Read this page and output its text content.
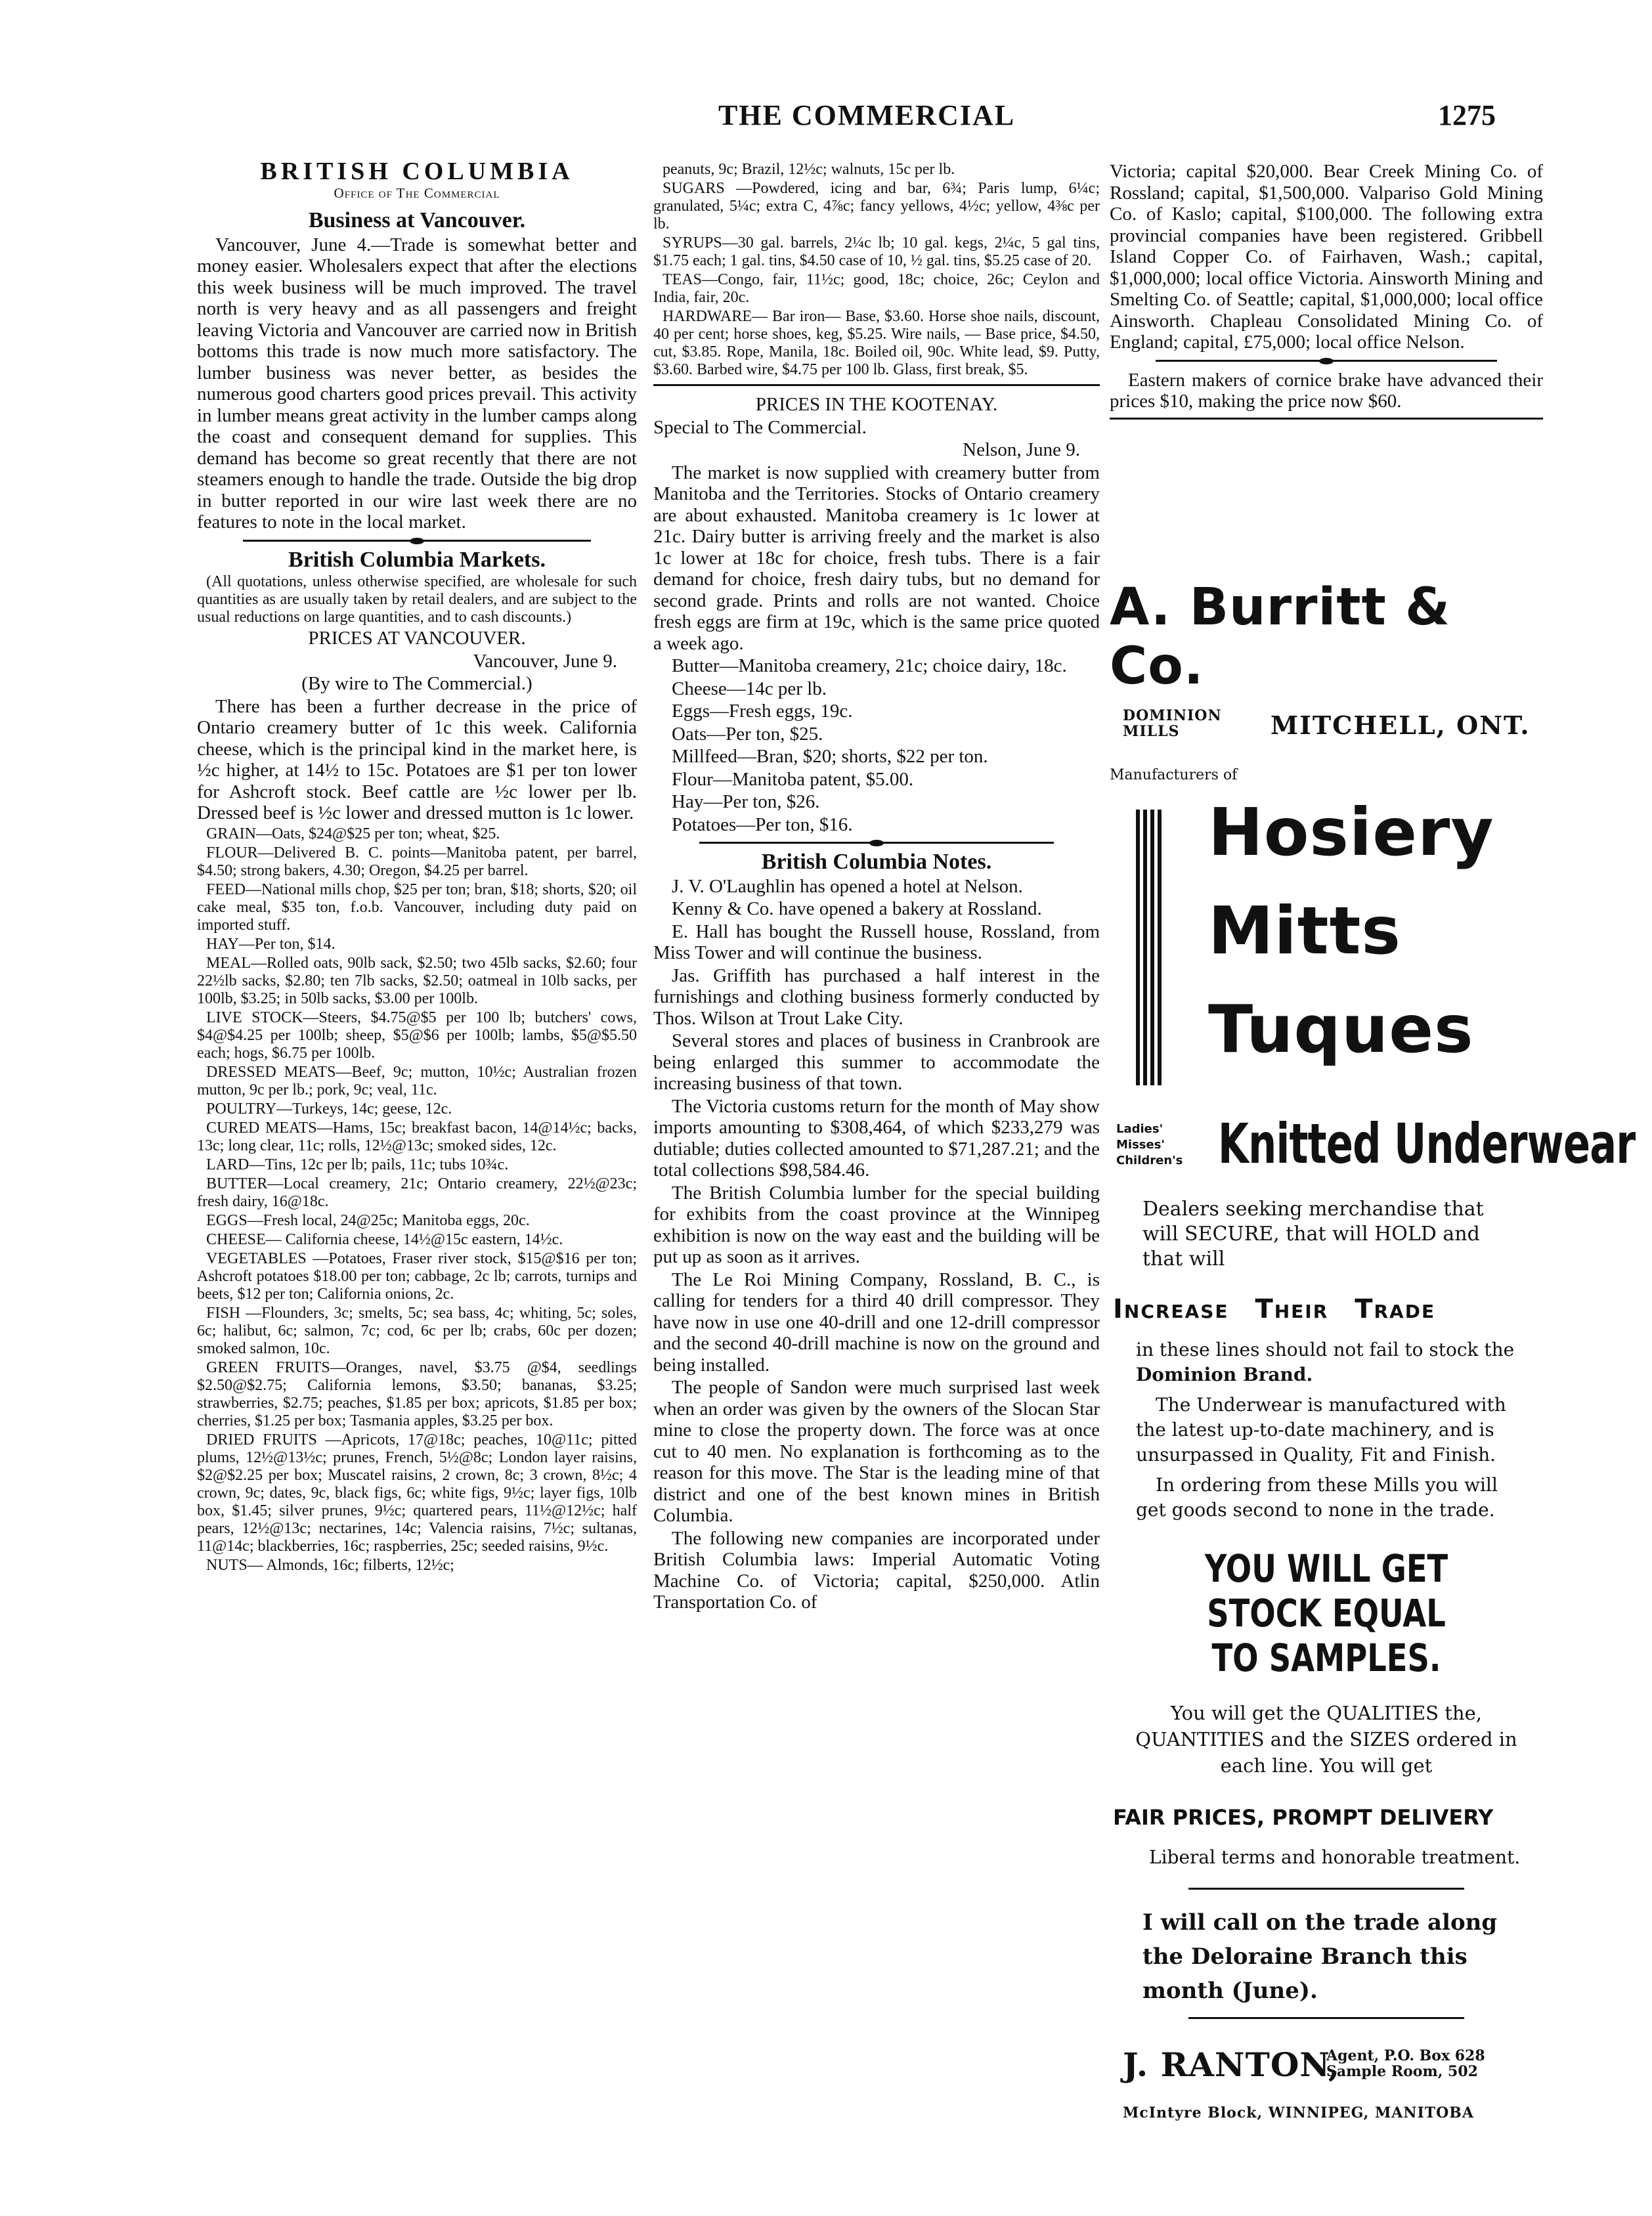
THE COMMERCIAL	1275

BRITISH COLUMBIA

Office of The Commercial

Business at Vancouver.

Vancouver, June 4.—Trade is somewhat better and money easier. Wholesalers expect that after the elections this week business will be much improved. The travel north is very heavy and as all passengers and freight leaving Victoria and Vancouver are carried now in British bottoms this trade is now much more satisfactory. The lumber business was never better, as besides the numerous good charters good prices prevail. This activity in lumber means great activity in the lumber camps along the coast and consequent demand for supplies. This demand has become so great recently that there are not steamers enough to handle the trade. Outside the big drop in butter reported in our wire last week there are no features to note in the local market.

British Columbia Markets.

(All quotations, unless otherwise specified, are wholesale for such quantities as are usually taken by retail dealers, and are subject to the usual reductions on large quantities, and to cash discounts.)

PRICES AT VANCOUVER.

Vancouver, June 9.

(By wire to The Commercial.)

There has been a further decrease in the price of Ontario creamery butter of 1c this week. California cheese, which is the principal kind in the market here, is ½c higher, at 14½ to 15c. Potatoes are $1 per ton lower for Ashcroft stock. Beef cattle are ½c lower per lb. Dressed beef is ½c lower and dressed mutton is 1c lower.

GRAIN—Oats, $24@$25 per ton; wheat, $25.

FLOUR—Delivered B. C. points—Manitoba patent, per barrel, $4.50; strong bakers, 4.30; Oregon, $4.25 per barrel.

FEED—National mills chop, $25 per ton; bran, $18; shorts, $20; oil cake meal, $35 ton, f.o.b. Vancouver, including duty paid on imported stuff.

HAY—Per ton, $14.

MEAL—Rolled oats, 90lb sack, $2.50; two 45lb sacks, $2.60; four 22½lb sacks, $2.80; ten 7lb sacks, $2.50; oatmeal in 10lb sacks, per 100lb, $3.25; in 50lb sacks, $3.00 per 100lb.

LIVE STOCK—Steers, $4.75@$5 per 100 lb; butchers' cows, $4@$4.25 per 100lb; sheep, $5@$6 per 100lb; lambs, $5@$5.50 each; hogs, $6.75 per 100lb.

DRESSED MEATS—Beef, 9c; mutton, 10½c; Australian frozen mutton, 9c per lb.; pork, 9c; veal, 11c.

POULTRY—Turkeys, 14c; geese, 12c.

CURED MEATS—Hams, 15c; breakfast bacon, 14@14½c; backs, 13c; long clear, 11c; rolls, 12½@13c; smoked sides, 12c.

LARD—Tins, 12c per lb; pails, 11c; tubs 10¾c.

BUTTER—Local creamery, 21c; Ontario creamery, 22½@23c; fresh dairy, 16@18c.

EGGS—Fresh local, 24@25c; Manitoba eggs, 20c.

CHEESE— California cheese, 14½@15c eastern, 14½c.

VEGETABLES —Potatoes, Fraser river stock, $15@$16 per ton; Ashcroft potatoes $18.00 per ton; cabbage, 2c lb; carrots, turnips and beets, $12 per ton; California onions, 2c.

FISH —Flounders, 3c; smelts, 5c; sea bass, 4c; whiting, 5c; soles, 6c; halibut, 6c; salmon, 7c; cod, 6c per lb; crabs, 60c per dozen; smoked salmon, 10c.

GREEN FRUITS—Oranges, navel, $3.75 @$4, seedlings $2.50@$2.75; California lemons, $3.50; bananas, $3.25; strawberries, $2.75; peaches, $1.85 per box; apricots, $1.85 per box; cherries, $1.25 per box; Tasmania apples, $3.25 per box.

DRIED FRUITS —Apricots, 17@18c; peaches, 10@11c; pitted plums, 12½@13½c; prunes, French, 5½@8c; London layer raisins, $2@$2.25 per box; Muscatel raisins, 2 crown, 8c; 3 crown, 8½c; 4 crown, 9c; dates, 9c, black figs, 6c; white figs, 9½c; layer figs, 10lb box, $1.45; silver prunes, 9½c; quartered pears, 11½@12½c; half pears, 12½@13c; nectarines, 14c; Valencia raisins, 7½c; sultanas, 11@14c; blackberries, 16c; raspberries, 25c; seeded raisins, 9½c.

NUTS— Almonds, 16c; filberts, 12½c;

peanuts, 9c; Brazil, 12½c; walnuts, 15c per lb.

SUGARS —Powdered, icing and bar, 6¾; Paris lump, 6¼c; granulated, 5¼c; extra C, 4⅞c; fancy yellows, 4½c; yellow, 4⅜c per lb.

SYRUPS—30 gal. barrels, 2¼c lb; 10 gal. kegs, 2¼c, 5 gal tins, $1.75 each; 1 gal. tins, $4.50 case of 10, ½ gal. tins, $5.25 case of 20.

TEAS—Congo, fair, 11½c; good, 18c; choice, 26c; Ceylon and India, fair, 20c.

HARDWARE— Bar iron— Base, $3.60. Horse shoe nails, discount, 40 per cent; horse shoes, keg, $5.25. Wire nails, — Base price, $4.50, cut, $3.85. Rope, Manila, 18c. Boiled oil, 90c. White lead, $9. Putty, $3.60. Barbed wire, $4.75 per 100 lb. Glass, first break, $5.

PRICES IN THE KOOTENAY.

Special to The Commercial.

Nelson, June 9.

The market is now supplied with creamery butter from Manitoba and the Territories. Stocks of Ontario creamery are about exhausted. Manitoba creamery is 1c lower at 21c. Dairy butter is arriving freely and the market is also 1c lower at 18c for choice, fresh tubs. There is a fair demand for choice, fresh dairy tubs, but no demand for second grade. Prints and rolls are not wanted. Choice fresh eggs are firm at 19c, which is the same price quoted a week ago.

Butter—Manitoba creamery, 21c; choice dairy, 18c.

Cheese—14c per lb.

Eggs—Fresh eggs, 19c.

Oats—Per ton, $25.

Millfeed—Bran, $20; shorts, $22 per ton.

Flour—Manitoba patent, $5.00.

Hay—Per ton, $26.

Potatoes—Per ton, $16.

British Columbia Notes.

J. V. O'Laughlin has opened a hotel at Nelson.

Kenny & Co. have opened a bakery at Rossland.

E. Hall has bought the Russell house, Rossland, from Miss Tower and will continue the business.

Jas. Griffith has purchased a half interest in the furnishings and clothing business formerly conducted by Thos. Wilson at Trout Lake City.

Several stores and places of business in Cranbrook are being enlarged this summer to accommodate the increasing business of that town.

The Victoria customs return for the month of May show imports amounting to $308,464, of which $233,279 was dutiable; duties collected amounted to $71,287.21; and the total collections $98,584.46.

The British Columbia lumber for the special building for exhibits from the coast province at the Winnipeg exhibition is now on the way east and the building will be put up as soon as it arrives.

The Le Roi Mining Company, Rossland, B. C., is calling for tenders for a third 40 drill compressor. They have now in use one 40-drill and one 12-drill compressor and the second 40-drill machine is now on the ground and being installed.

The people of Sandon were much surprised last week when an order was given by the owners of the Slocan Star mine to close the property down. The force was at once cut to 40 men. No explanation is forthcoming as to the reason for this move. The Star is the leading mine of that district and one of the best known mines in British Columbia.

The following new companies are incorporated under British Columbia laws: Imperial Automatic Voting Machine Co. of Victoria; capital, $250,000. Atlin Transportation Co. of

Victoria; capital $20,000. Bear Creek Mining Co. of Rossland; capital, $1,500,000. Valpariso Gold Mining Co. of Kaslo; capital, $100,000. The following extra provincial companies have been registered. Gribbell Island Copper Co. of Fairhaven, Wash.; capital, $1,000,000; local office Victoria. Ainsworth Mining and Smelting Co. of Seattle; capital, $1,000,000; local office Ainsworth. Chapleau Consolidated Mining Co. of England; capital, £75,000; local office Nelson.

Eastern makers of cornice brake have advanced their prices $10, making the price now $60.

A. Burritt & Co.
DOMINION
MILLS	MITCHELL, ONT.
Manufacturers of
Hosiery
Mitts
Tuques
Ladies'
Misses'
Children's Knitted Underwear
Dealers seeking merchandise that will SECURE, that will HOLD and that will
Increase Their Trade
in these lines should not fail to stock the Dominion Brand.
The Underwear is manufactured with the latest up-to-date machinery, and is unsurpassed in Quality, Fit and Finish.
In ordering from these Mills you will get goods second to none in the trade.
YOU WILL GET STOCK EQUAL
TO SAMPLES.
You will get the QUALITIES the, QUANTITIES and the SIZES ordered in each line. You will get
FAIR PRICES, PROMPT DELIVERY
Liberal terms and honorable treatment.
I will call on the trade along the Deloraine Branch this month (June).
J. RANTON,
Agent, P.O. Box 628
Sample Room, 502
McIntyre Block, WINNIPEG, MANITOBA
